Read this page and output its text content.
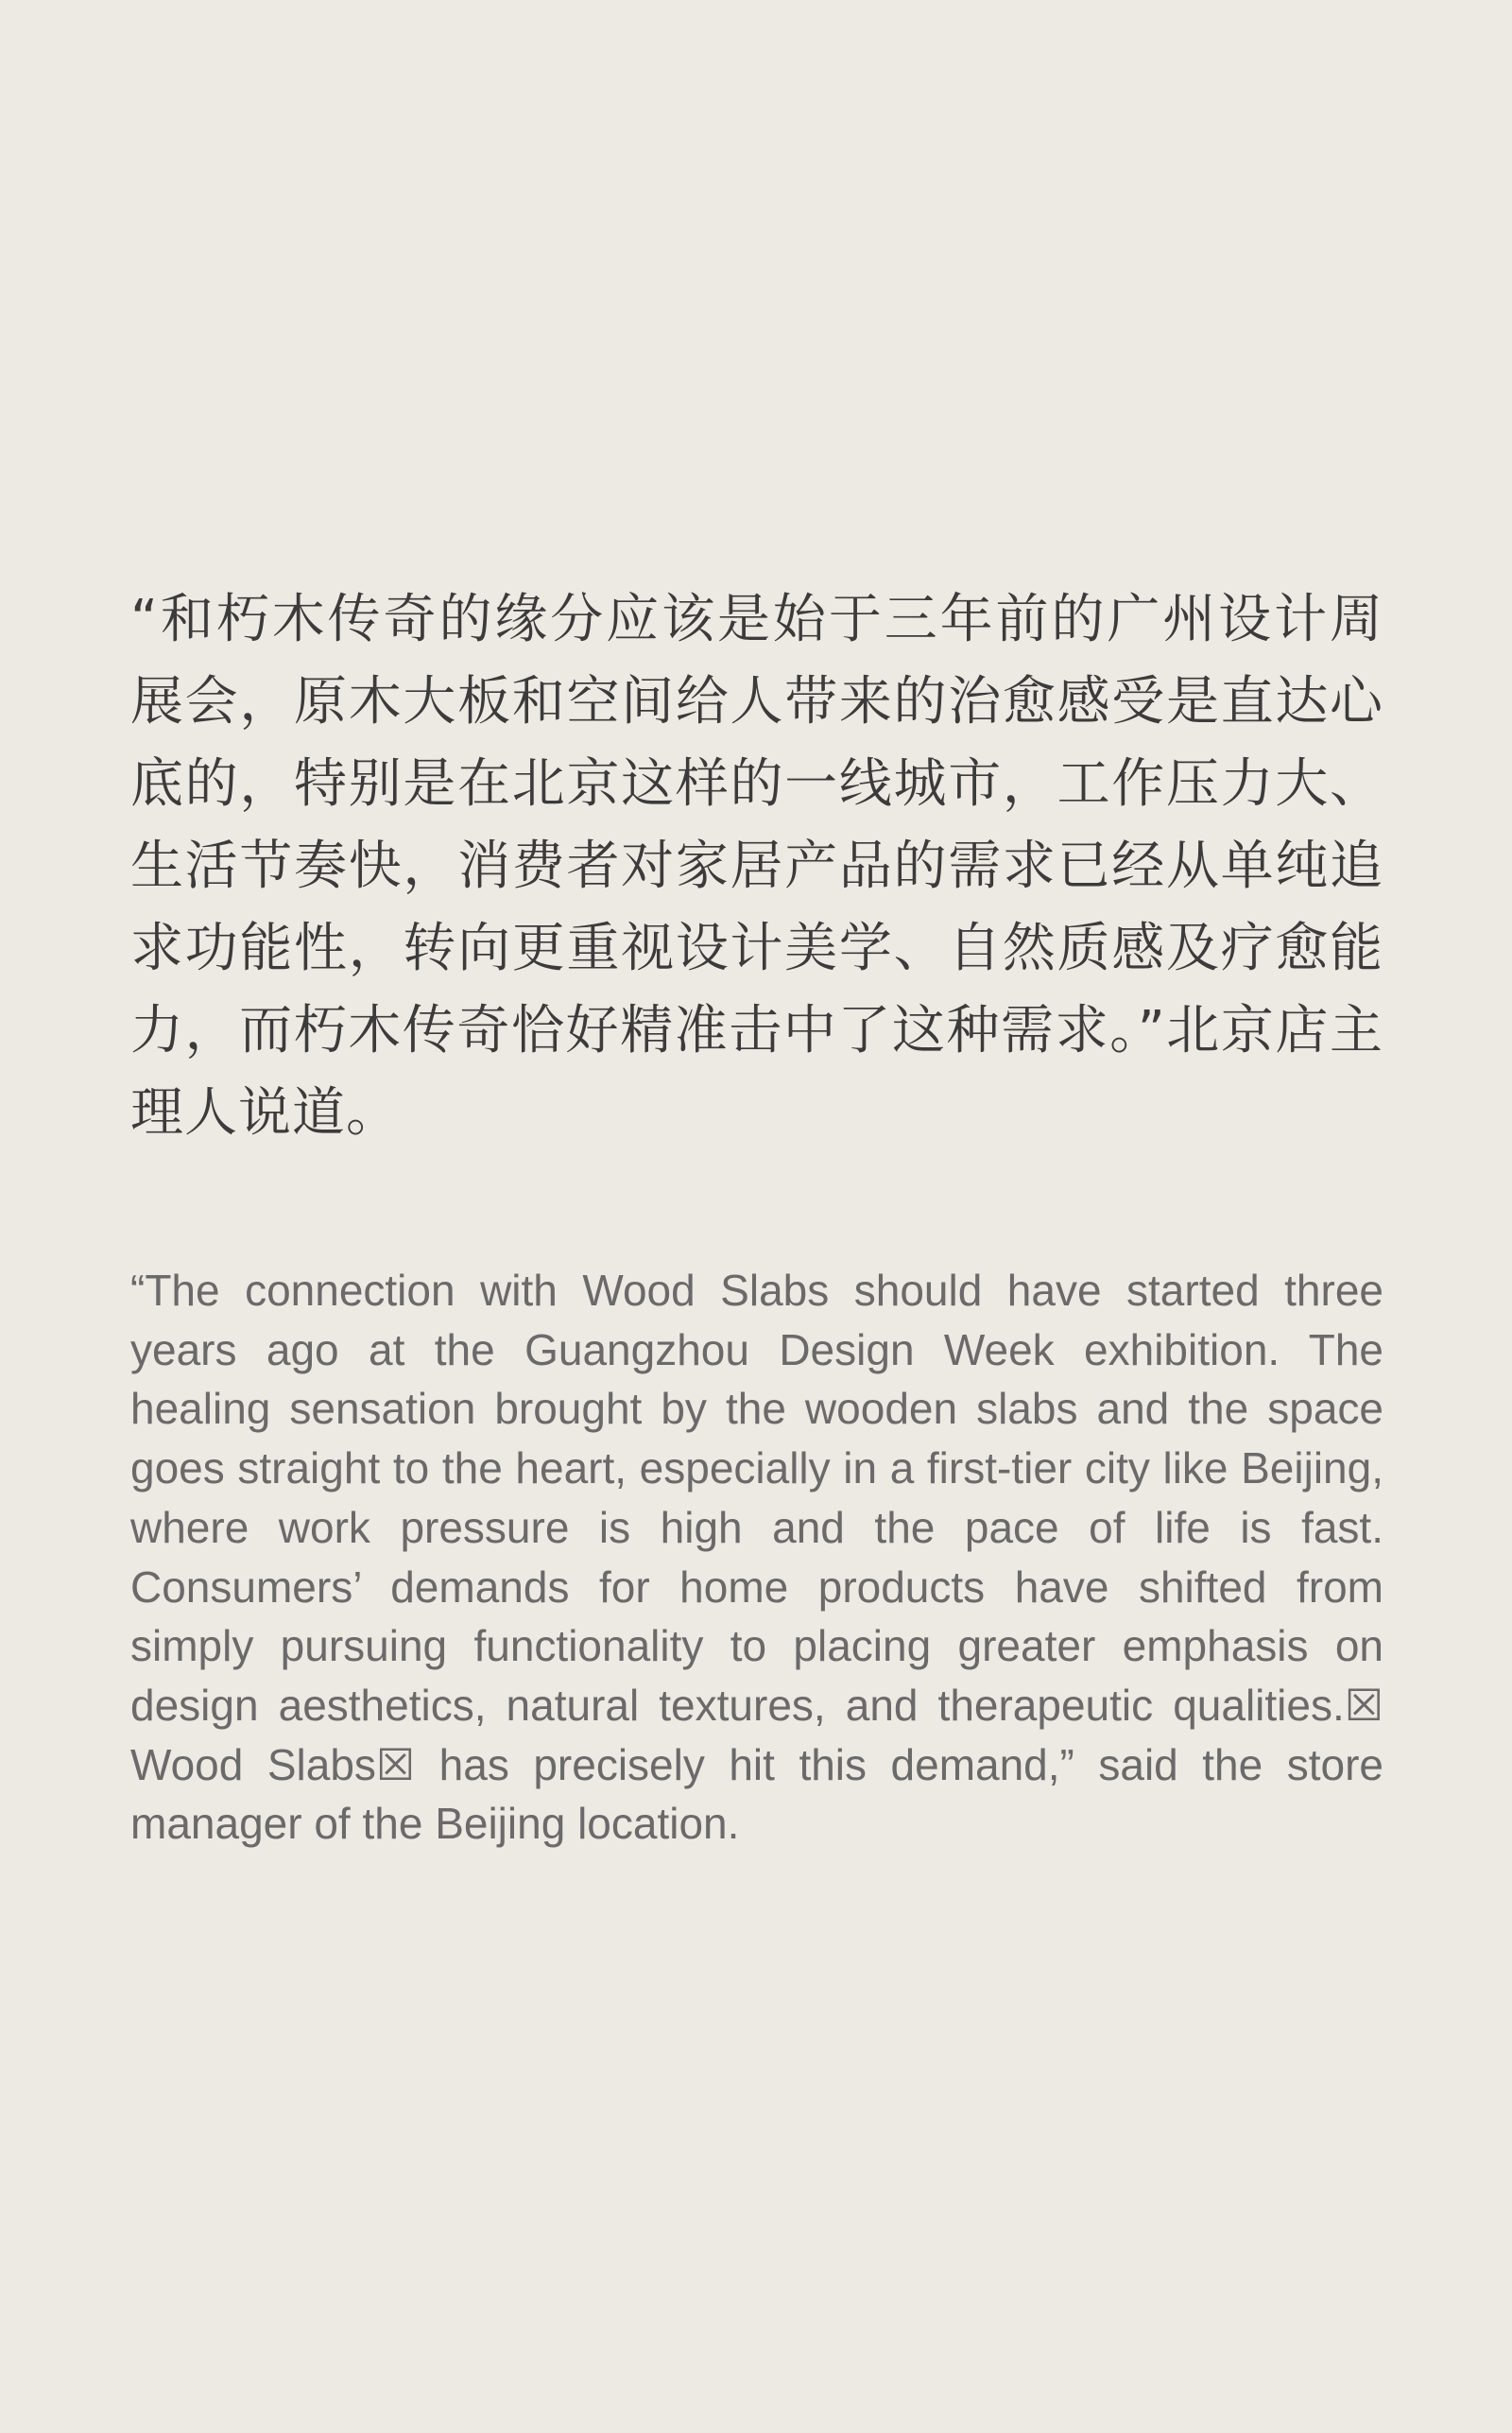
“和朽木传奇的缘分应该是始于三年前的广州设计周展会，原木大板和空间给人带来的治愈感受是直达心底的，特别是在北京这样的一线城市，工作压力大、生活节奏快，消费者对家居产品的需求已经从单纯追求功能性，转向更重视设计美学、自然质感及疗愈能力，而朽木传奇恰好精准击中了这种需求。”北京店主理人说道。
“The connection with Wood Slabs should have started three years ago at the Guangzhou Design Week exhibition. The healing sensation brought by the wooden slabs and the space goes straight to the heart, especially in a first-tier city like Beijing, where work pressure is high and the pace of life is fast. Consumers’ demands for home products have shifted from simply pursuing functionality to placing greater emphasis on design aesthetics, natural textures, and therapeutic qualities.☒ Wood Slabs☒ has precisely hit this demand,” said the store manager of the Beijing location.
